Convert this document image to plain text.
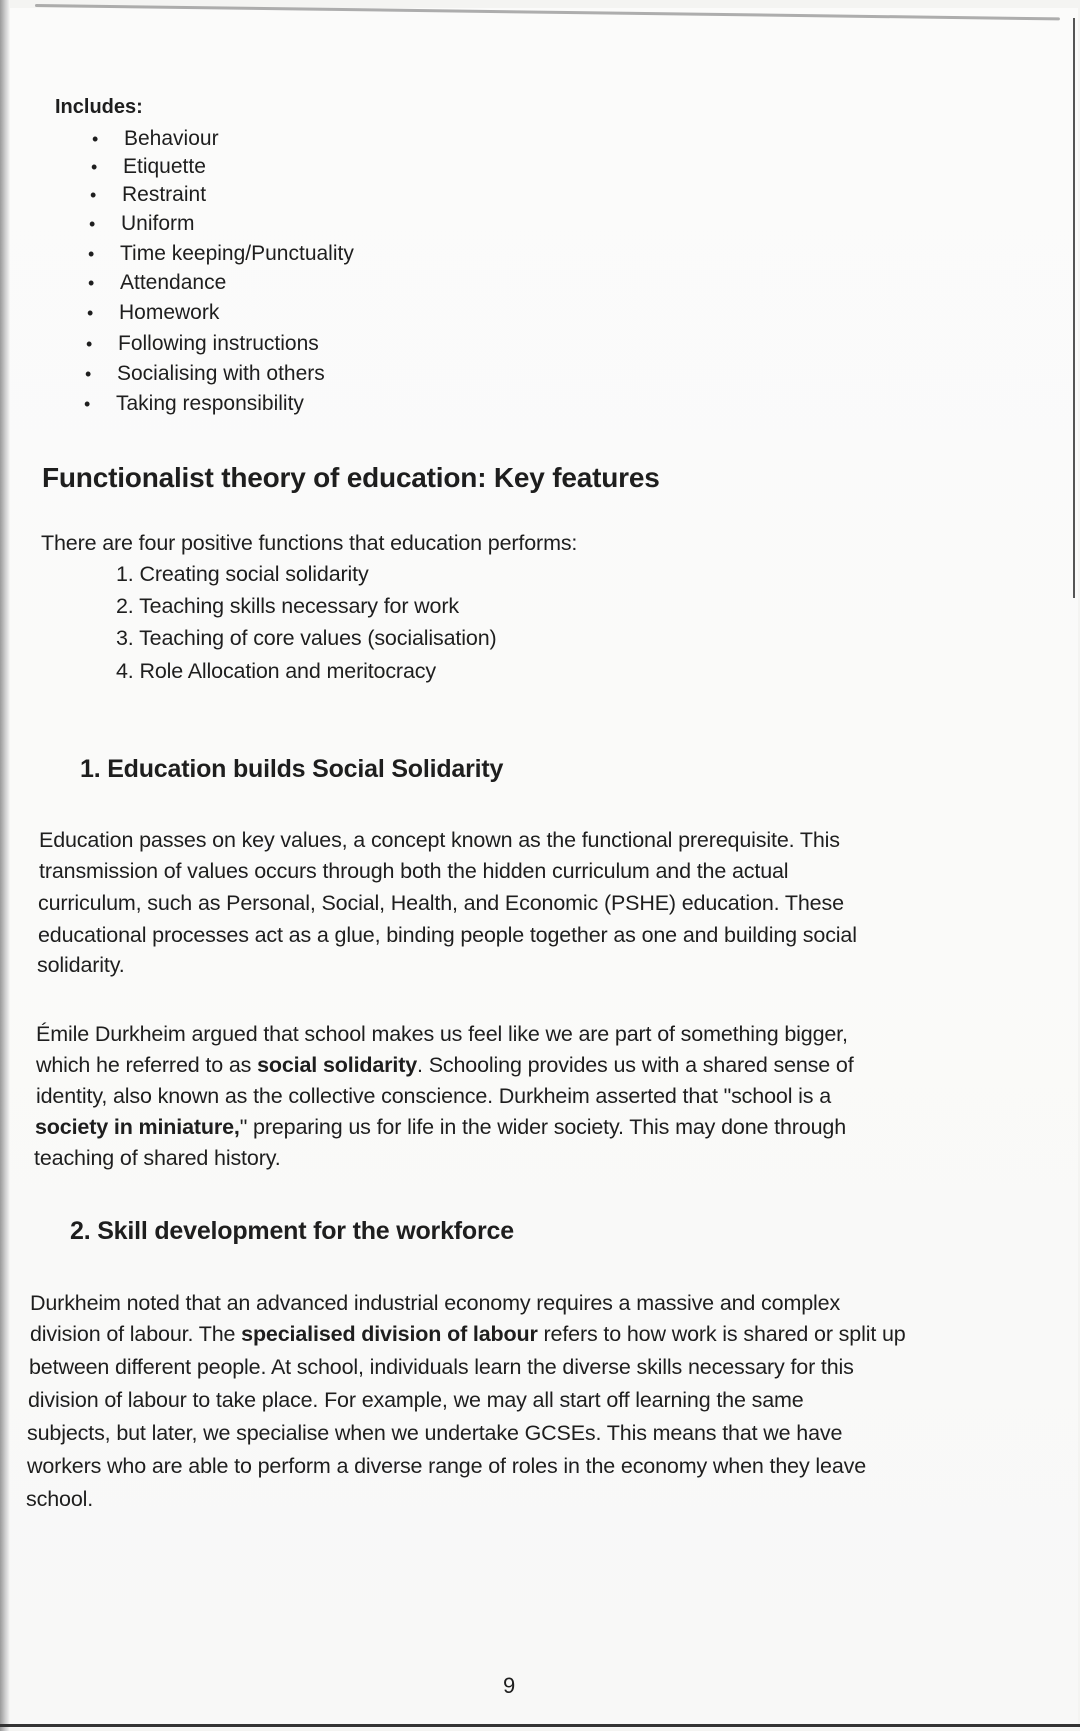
Includes:
• Behaviour
• Etiquette
• Restraint
• Uniform
• Time keeping/Punctuality
• Attendance
• Homework
• Following instructions
• Socialising with others
• Taking responsibility
Functionalist theory of education: Key features
There are four positive functions that education performs:
1. Creating social solidarity
2. Teaching skills necessary for work
3. Teaching of core values (socialisation)
4. Role Allocation and meritocracy
1. Education builds Social Solidarity
Education passes on key values, a concept known as the functional prerequisite. This
transmission of values occurs through both the hidden curriculum and the actual
curriculum, such as Personal, Social, Health, and Economic (PSHE) education. These
educational processes act as a glue, binding people together as one and building social
solidarity.
Émile Durkheim argued that school makes us feel like we are part of something bigger,
which he referred to as social solidarity. Schooling provides us with a shared sense of
identity, also known as the collective conscience. Durkheim asserted that "school is a
society in miniature," preparing us for life in the wider society. This may done through
teaching of shared history.
2. Skill development for the workforce
Durkheim noted that an advanced industrial economy requires a massive and complex
division of labour. The specialised division of labour refers to how work is shared or split up
between different people. At school, individuals learn the diverse skills necessary for this
division of labour to take place. For example, we may all start off learning the same
subjects, but later, we specialise when we undertake GCSEs. This means that we have
workers who are able to perform a diverse range of roles in the economy when they leave
school.
9
